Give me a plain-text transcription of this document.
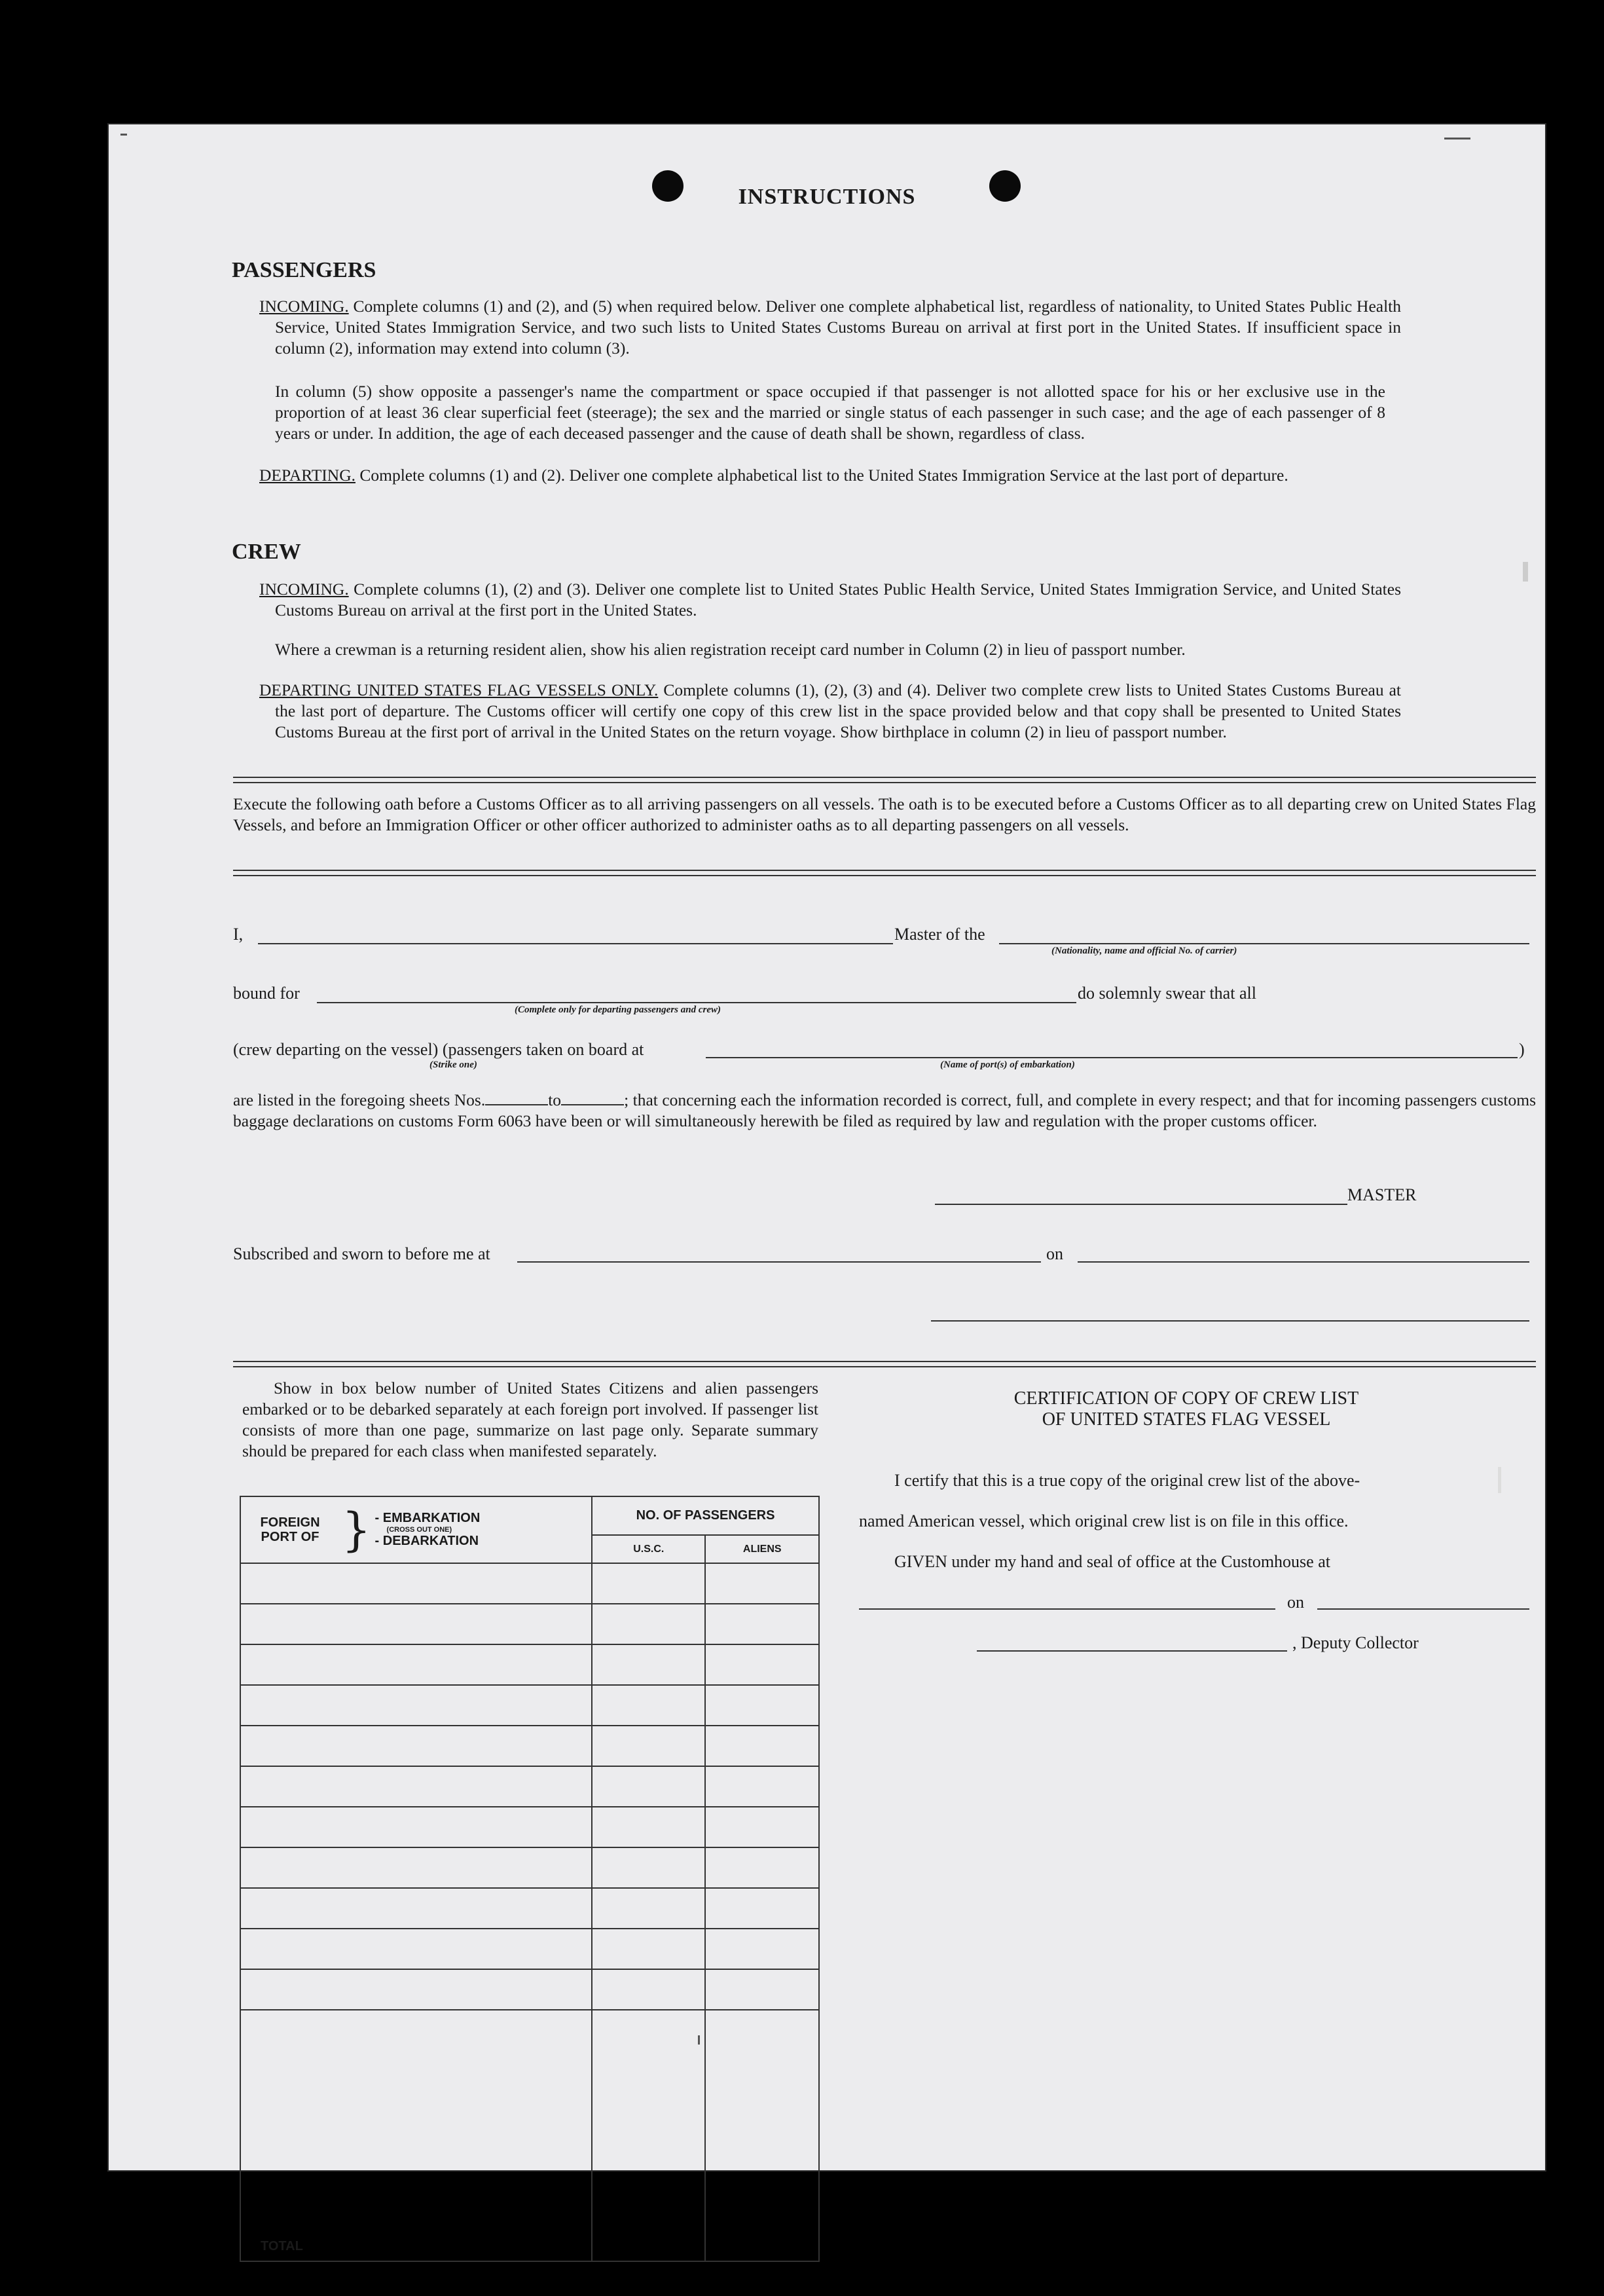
INSTRUCTIONS
PASSENGERS
INCOMING. Complete columns (1) and (2), and (5) when required below. Deliver one complete alphabetical list, regardless of nationality, to United States Public Health Service, United States Immigration Service, and two such lists to United States Customs Bureau on arrival at first port in the United States. If insufficient space in column (2), information may extend into column (3).
In column (5) show opposite a passenger's name the compartment or space occupied if that passenger is not allotted space for his or her exclusive use in the proportion of at least 36 clear superficial feet (steerage); the sex and the married or single status of each passenger in such case; and the age of each passenger of 8 years or under. In addition, the age of each deceased passenger and the cause of death shall be shown, regardless of class.
DEPARTING. Complete columns (1) and (2). Deliver one complete alphabetical list to the United States Immigration Service at the last port of departure.
CREW
INCOMING. Complete columns (1), (2) and (3). Deliver one complete list to United States Public Health Service, United States Immigration Service, and United States Customs Bureau on arrival at the first port in the United States.
Where a crewman is a returning resident alien, show his alien registration receipt card number in Column (2) in lieu of passport number.
DEPARTING UNITED STATES FLAG VESSELS ONLY. Complete columns (1), (2), (3) and (4). Deliver two complete crew lists to United States Customs Bureau at the last port of departure. The Customs officer will certify one copy of this crew list in the space provided below and that copy shall be presented to United States Customs Bureau at the first port of arrival in the United States on the return voyage. Show birthplace in column (2) in lieu of passport number.
Execute the following oath before a Customs Officer as to all arriving passengers on all vessels. The oath is to be executed before a Customs Officer as to all departing crew on United States Flag Vessels, and before an Immigration Officer or other officer authorized to administer oaths as to all departing passengers on all vessels.
I,	Master of the
(Nationality, name and official No. of carrier)
bound for	do solemnly swear that all
(Complete only for departing passengers and crew)
(crew departing on the vessel) (passengers taken on board at	)
(Strike one)	(Name of port(s) of embarkation)
are listed in the foregoing sheets Nos.	to	; that concerning each the information recorded is correct, full, and complete in every respect; and that for incoming passengers customs baggage declarations on customs Form 6063 have been or will simultaneously herewith be filed as required by law and regulation with the proper customs officer.
MASTER
Subscribed and sworn to before me at	on
Show in box below number of United States Citizens and alien passengers embarked or to be debarked separately at each foreign port involved. If passenger list consists of more than one page, summarize on last page only. Separate summary should be prepared for each class when manifested separately.
FOREIGN PORT OF } - EMBARKATION
(CROSS OUT ONE)
- DEBARKATION	NO. OF PASSENGERS	
	U.S.C.	ALIENS

TOTAL		
CERTIFICATION OF COPY OF CREW LIST
OF UNITED STATES FLAG VESSEL
I certify that this is a true copy of the original crew list of the above-
named American vessel, which original crew list is on file in this office.
GIVEN under my hand and seal of office at the Customhouse at
on
, Deputy Collector
